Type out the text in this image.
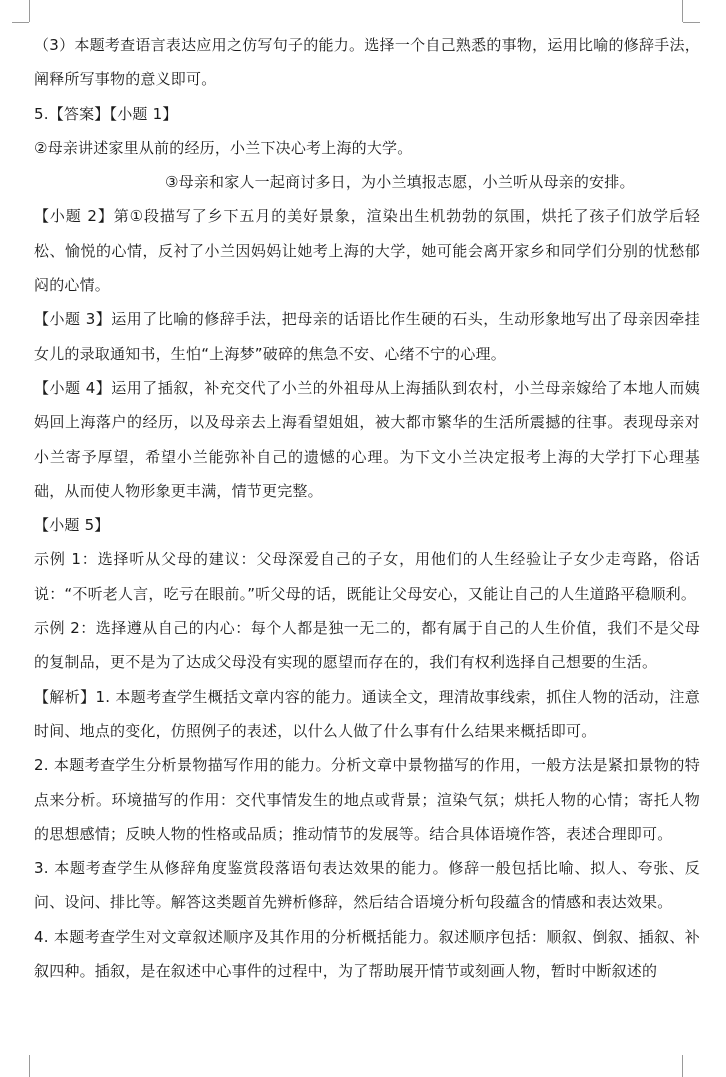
（3）本题考查语言表达应用之仿写句子的能力。选择一个自己熟悉的事物，运用比喻的修辞手法，阐释所写事物的意义即可。

5.【答案】【小题 1】

②母亲讲述家里从前的经历，小兰下决心考上海的大学。

③母亲和家人一起商讨多日，为小兰填报志愿，小兰听从母亲的安排。

【小题 2】第①段描写了乡下五月的美好景象，渲染出生机勃勃的氛围，烘托了孩子们放学后轻松、愉悦的心情，反衬了小兰因妈妈让她考上海的大学，她可能会离开家乡和同学们分别的忧愁郁闷的心情。

【小题 3】运用了比喻的修辞手法，把母亲的话语比作生硬的石头，生动形象地写出了母亲因牵挂女儿的录取通知书，生怕“上海梦”破碎的焦急不安、心绪不宁的心理。

【小题 4】运用了插叙，补充交代了小兰的外祖母从上海插队到农村，小兰母亲嫁给了本地人而姨妈回上海落户的经历，以及母亲去上海看望姐姐，被大都市繁华的生活所震撼的往事。表现母亲对小兰寄予厚望，希望小兰能弥补自己的遗憾的心理。为下文小兰决定报考上海的大学打下心理基础，从而使人物形象更丰满，情节更完整。

【小题 5】

示例 1：选择听从父母的建议：父母深爱自己的子女，用他们的人生经验让子女少走弯路，俗话说：“不听老人言，吃亏在眼前。”听父母的话，既能让父母安心，又能让自己的人生道路平稳顺利。

示例 2：选择遵从自己的内心：每个人都是独一无二的，都有属于自己的人生价值，我们不是父母的复制品，更不是为了达成父母没有实现的愿望而存在的，我们有权利选择自己想要的生活。

【解析】1. 本题考查学生概括文章内容的能力。通读全文，理清故事线索，抓住人物的活动，注意时间、地点的变化，仿照例子的表述，以什么人做了什么事有什么结果来概括即可。

2. 本题考查学生分析景物描写作用的能力。分析文章中景物描写的作用，一般方法是紧扣景物的特点来分析。环境描写的作用：交代事情发生的地点或背景；渲染气氛；烘托人物的心情；寄托人物的思想感情；反映人物的性格或品质；推动情节的发展等。结合具体语境作答，表述合理即可。

3. 本题考查学生从修辞角度鉴赏段落语句表达效果的能力。修辞一般包括比喻、拟人、夸张、反问、设问、排比等。解答这类题首先辨析修辞，然后结合语境分析句段蕴含的情感和表达效果。

4. 本题考查学生对文章叙述顺序及其作用的分析概括能力。叙述顺序包括：顺叙、倒叙、插叙、补叙四种。插叙，是在叙述中心事件的过程中，为了帮助展开情节或刻画人物，暂时中断叙述的
